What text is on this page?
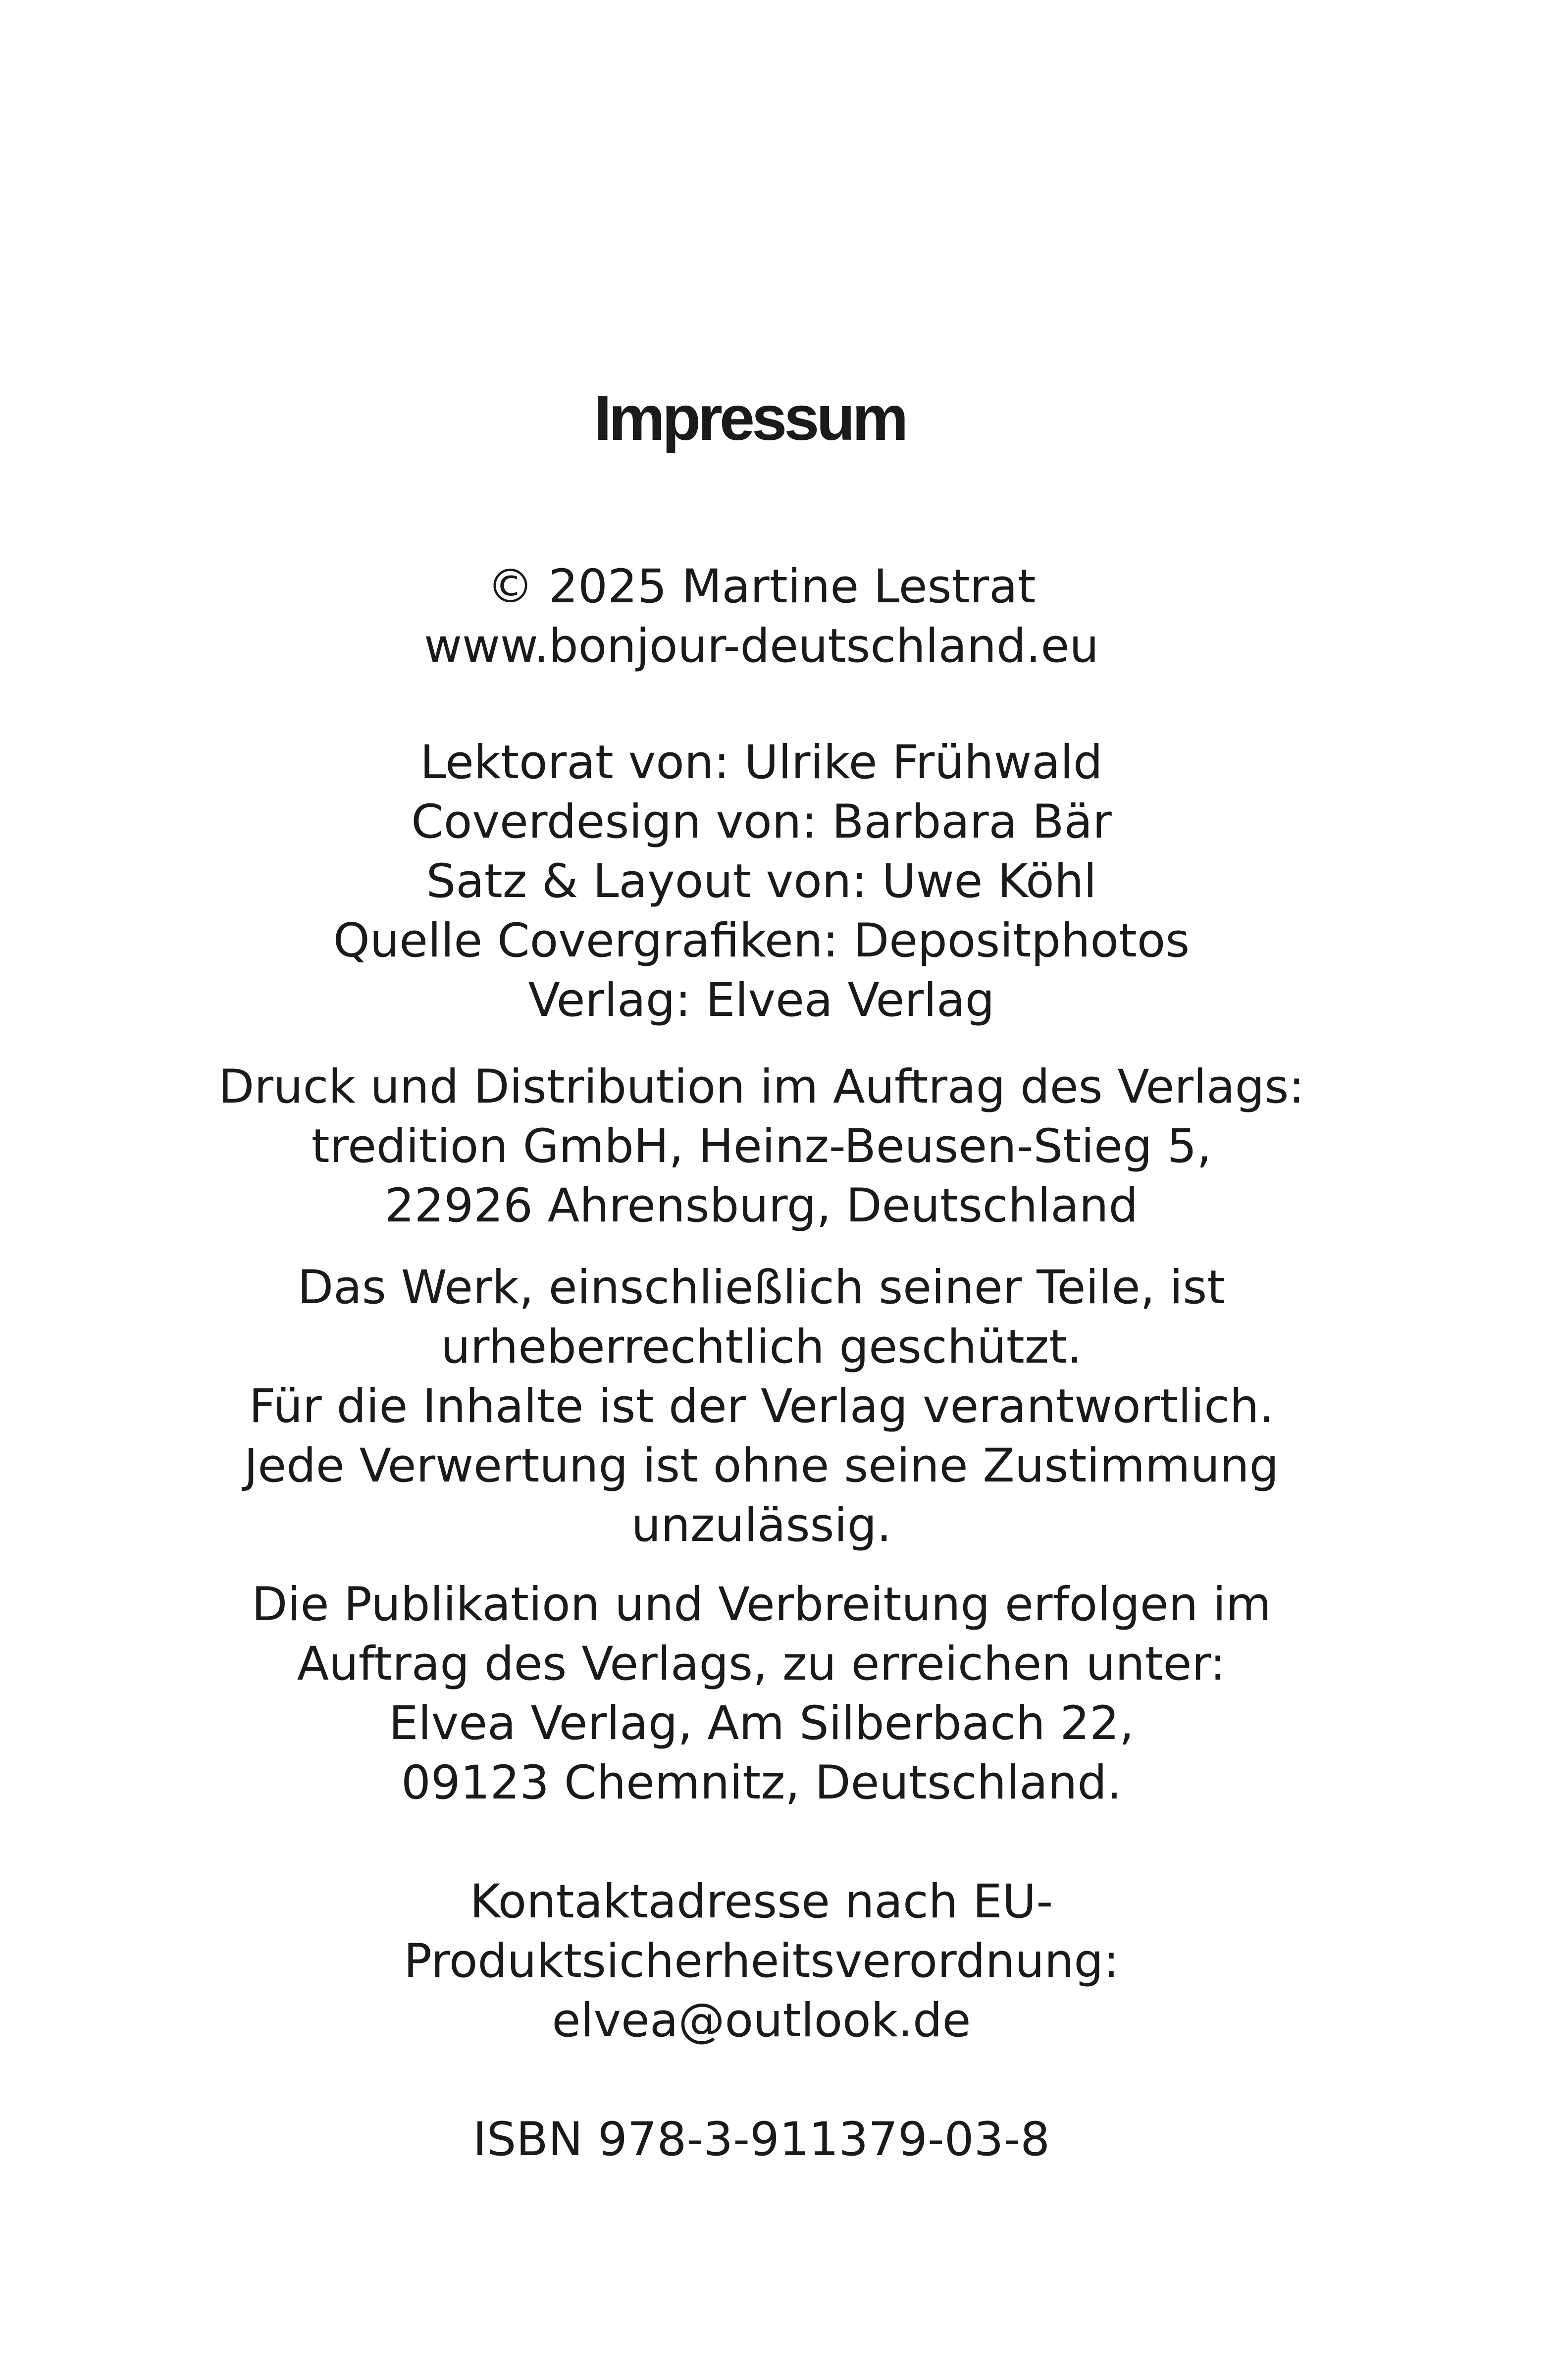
Impressum
© 2025 Martine Lestrat
www.bonjour-deutschland.eu
Lektorat von: Ulrike Frühwald
Coverdesign von: Barbara Bär
Satz & Layout von: Uwe Köhl
Quelle Covergrafiken: Depositphotos
Verlag: Elvea Verlag
Druck und Distribution im Auftrag des Verlags:
tredition GmbH, Heinz-Beusen-Stieg 5,
22926 Ahrensburg, Deutschland
Das Werk, einschließlich seiner Teile, ist
urheberrechtlich geschützt.
Für die Inhalte ist der Verlag verantwortlich.
Jede Verwertung ist ohne seine Zustimmung
unzulässig.
Die Publikation und Verbreitung erfolgen im
Auftrag des Verlags, zu erreichen unter:
Elvea Verlag, Am Silberbach 22,
09123 Chemnitz, Deutschland.
Kontaktadresse nach EU-
Produktsicherheitsverordnung:
elvea@outlook.de
ISBN 978-3-911379-03-8
